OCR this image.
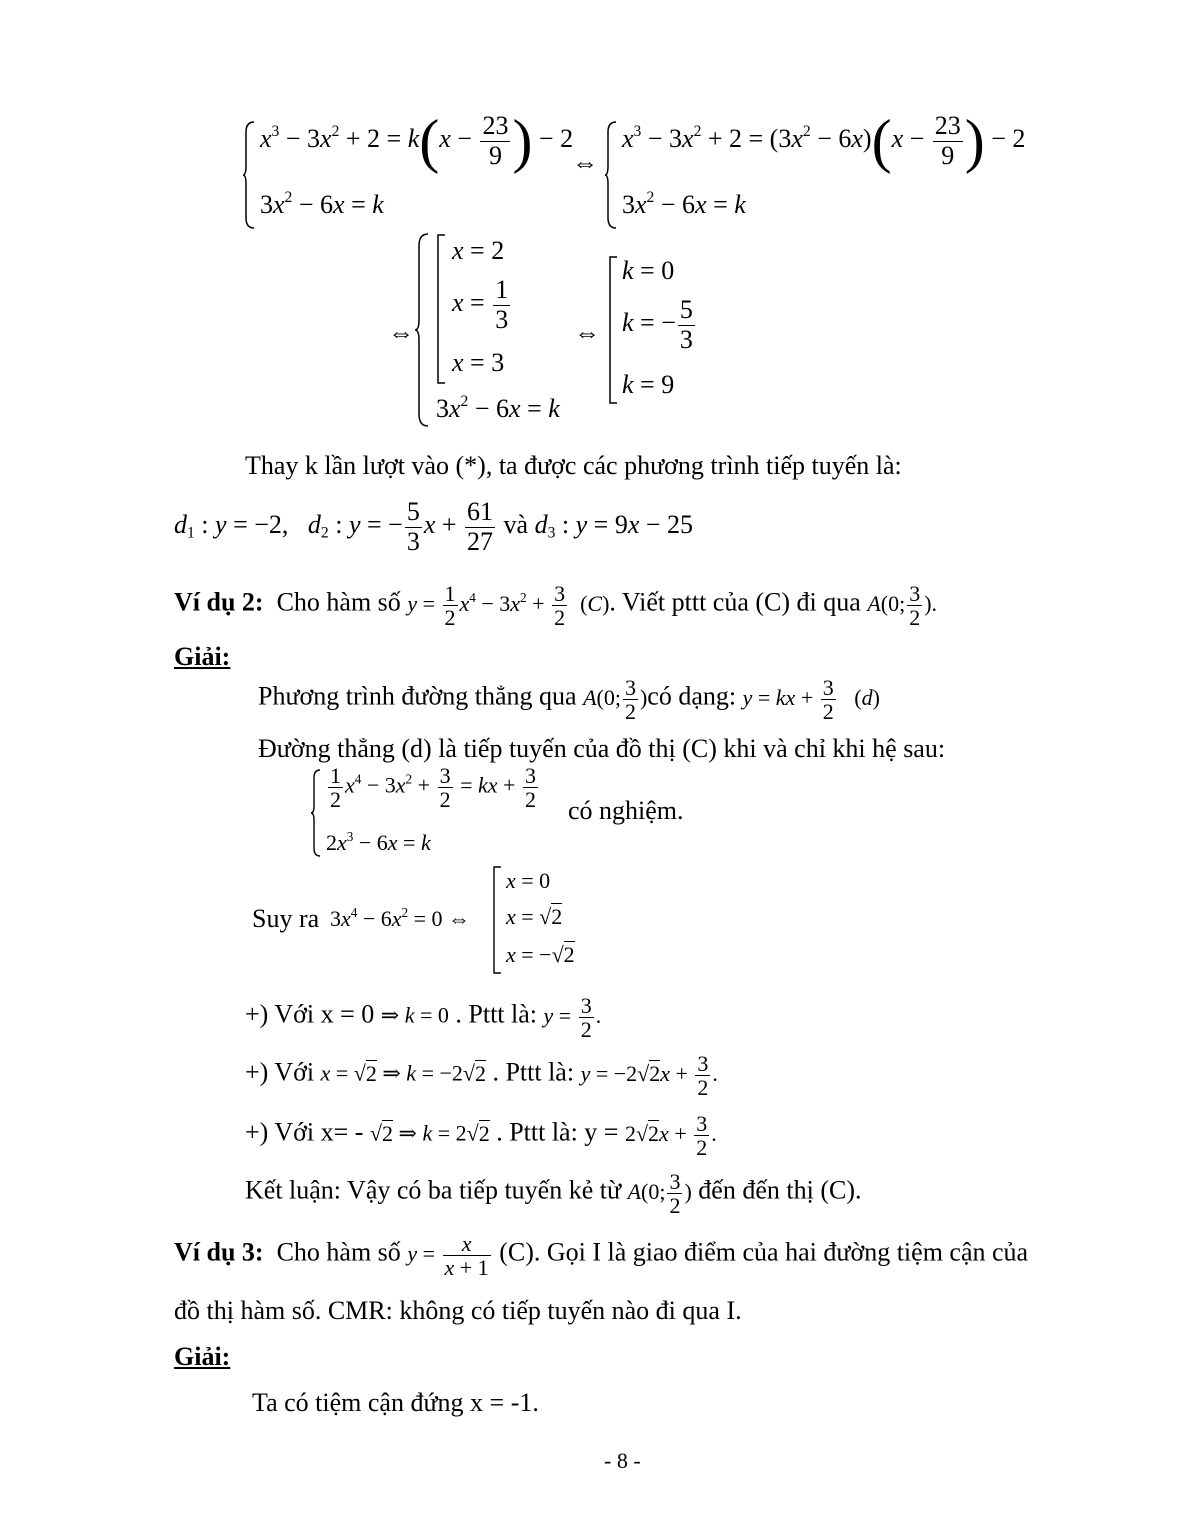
$x^3 - 3x^2 + 2 = k(x - \frac{23}{9}$ ) − 2
$3x^2 - 6x = k$
⇔
$x^3 - 3x^2 + 2 = (3x^2 - 6x)(x - \frac{23}{9}$ ) − 2
$3x^2 - 6x = k$
⇔
x = 2
$x = \frac{1}{3}$
x = 3
$3x^2 - 6x = k$
⇔
k = 0
k = − $\frac{5}{3}$
k = 9
Thay k lần lượt vào (*), ta được các phương trình tiếp tuyến là:
$d_1$ : y = −2,   $d_2$ : y = − $\frac{5}{3}$ $x + \frac{61}{27}$ và $d_3$ : y = 9x − 25
Ví dụ 2: Cho hàm số $y = \frac{1}{2} x^4 - 3x^2 + \frac{3}{2} (C)$. Viết pttt của (C) đi qua A(0; $\frac{3}{2}$ ).
Giải:
Phương trình đường thẳng qua A(0; $\frac{3}{2}$ )có dạng: y = kx + $\frac{3}{2} (d)$
Đường thẳng (d) là tiếp tuyến của đồ thị (C) khi và chỉ khi hệ sau:
$\frac{1}{2} x^4 - 3x^2 + \frac{3}{2}$ = kx + $\frac{3}{2}$ có nghiệm.
$2x^3 - 6x = k$
Suy ra $3x^4 - 6x^2 = 0$ ⇔
x = 0
x = √2
x = −√2
+) Với x = 0 ⇒ k = 0 . Pttt là: $y = \frac{3}{2}$ .
+) Với x = √2 ⇒ k = −2√2 . Pttt là: $y = -2√2x + \frac{3}{2}$ .
+) Với x= - √2 ⇒ k = 2√2 . Pttt là: $y = 2√2x + \frac{3}{2}$ .
Kết luận: Vậy có ba tiếp tuyến kẻ từ A(0; $\frac{3}{2}$ ) đến đến thị (C).
Ví dụ 3: Cho hàm số $y = \frac{x}{x + 1} (C)$. Gọi I là giao điểm của hai đường tiệm cận của
đồ thị hàm số. CMR: không có tiếp tuyến nào đi qua I.
Giải:
Ta có tiệm cận đứng x = -1.
- 8 -
